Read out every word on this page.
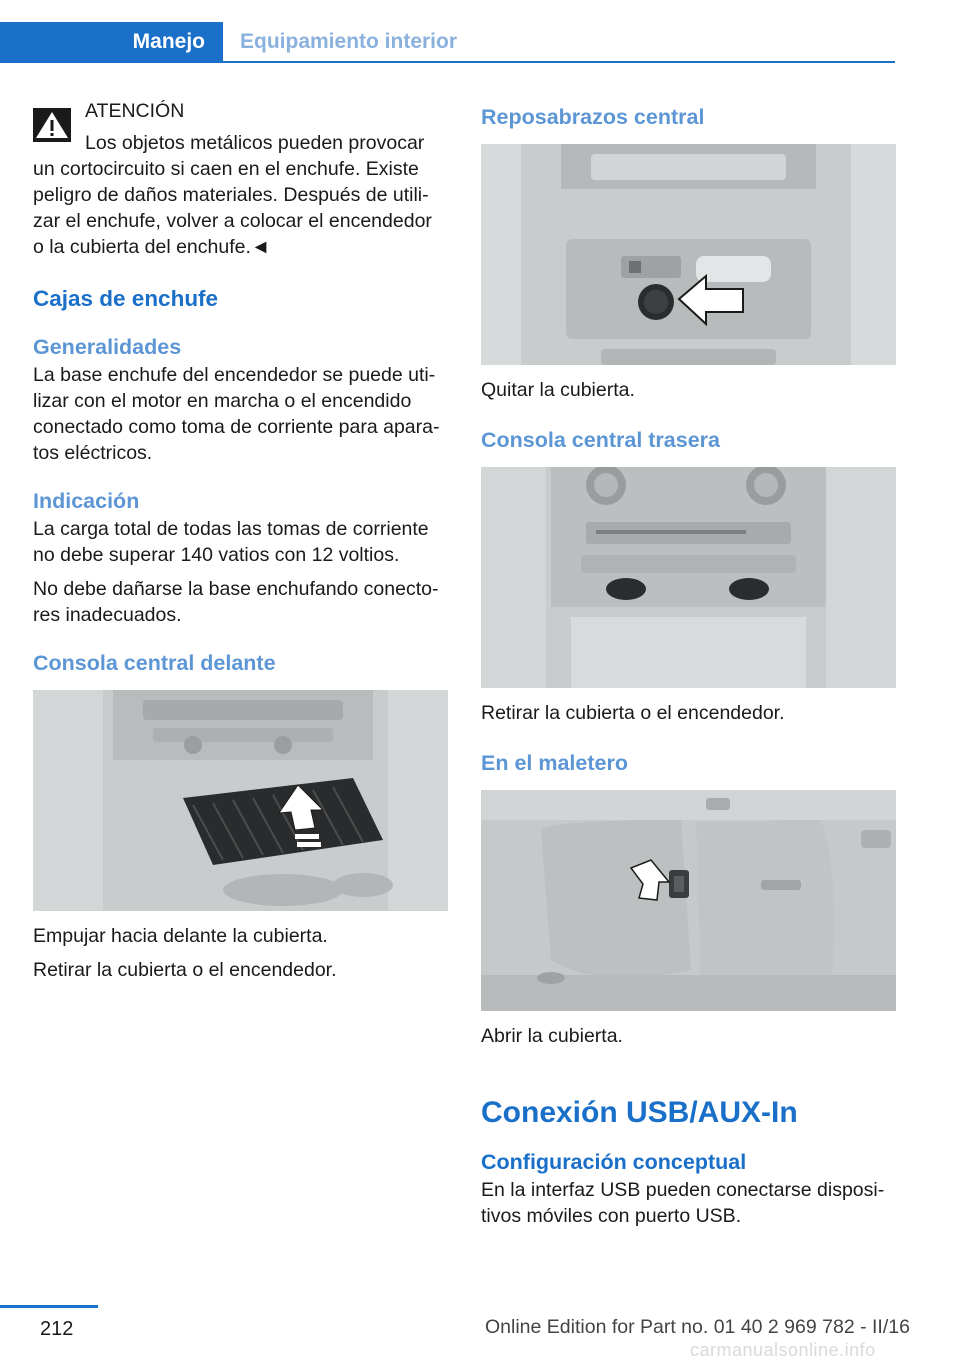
Manejo	Equipamiento interior

ATENCIÓN

Los objetos metálicos pueden provocar un cortocircuito si caen en el enchufe. Existe peligro de daños materiales. Después de utili‐zar el enchufe, volver a colocar el encendedor o la cubierta del enchufe.◄

Cajas de enchufe
Generalidades

La base enchufe del encendedor se puede uti‐lizar con el motor en marcha o el encendido conectado como toma de corriente para apara‐tos eléctricos.

Indicación

La carga total de todas las tomas de corriente no debe superar 140 vatios con 12 voltios.

No debe dañarse la base enchufando conecto‐res inadecuados.

Consola central delante

Empujar hacia delante la cubierta.

Retirar la cubierta o el encendedor.

Reposabrazos central

Quitar la cubierta.

Consola central trasera

Retirar la cubierta o el encendedor.

En el maletero

Abrir la cubierta.

Conexión USB/AUX-In
Configuración conceptual

En la interfaz USB pueden conectarse disposi‐tivos móviles con puerto USB.

212	Online Edition for Part no. 01 40 2 969 782 - II/16
carmanualsonline.info
